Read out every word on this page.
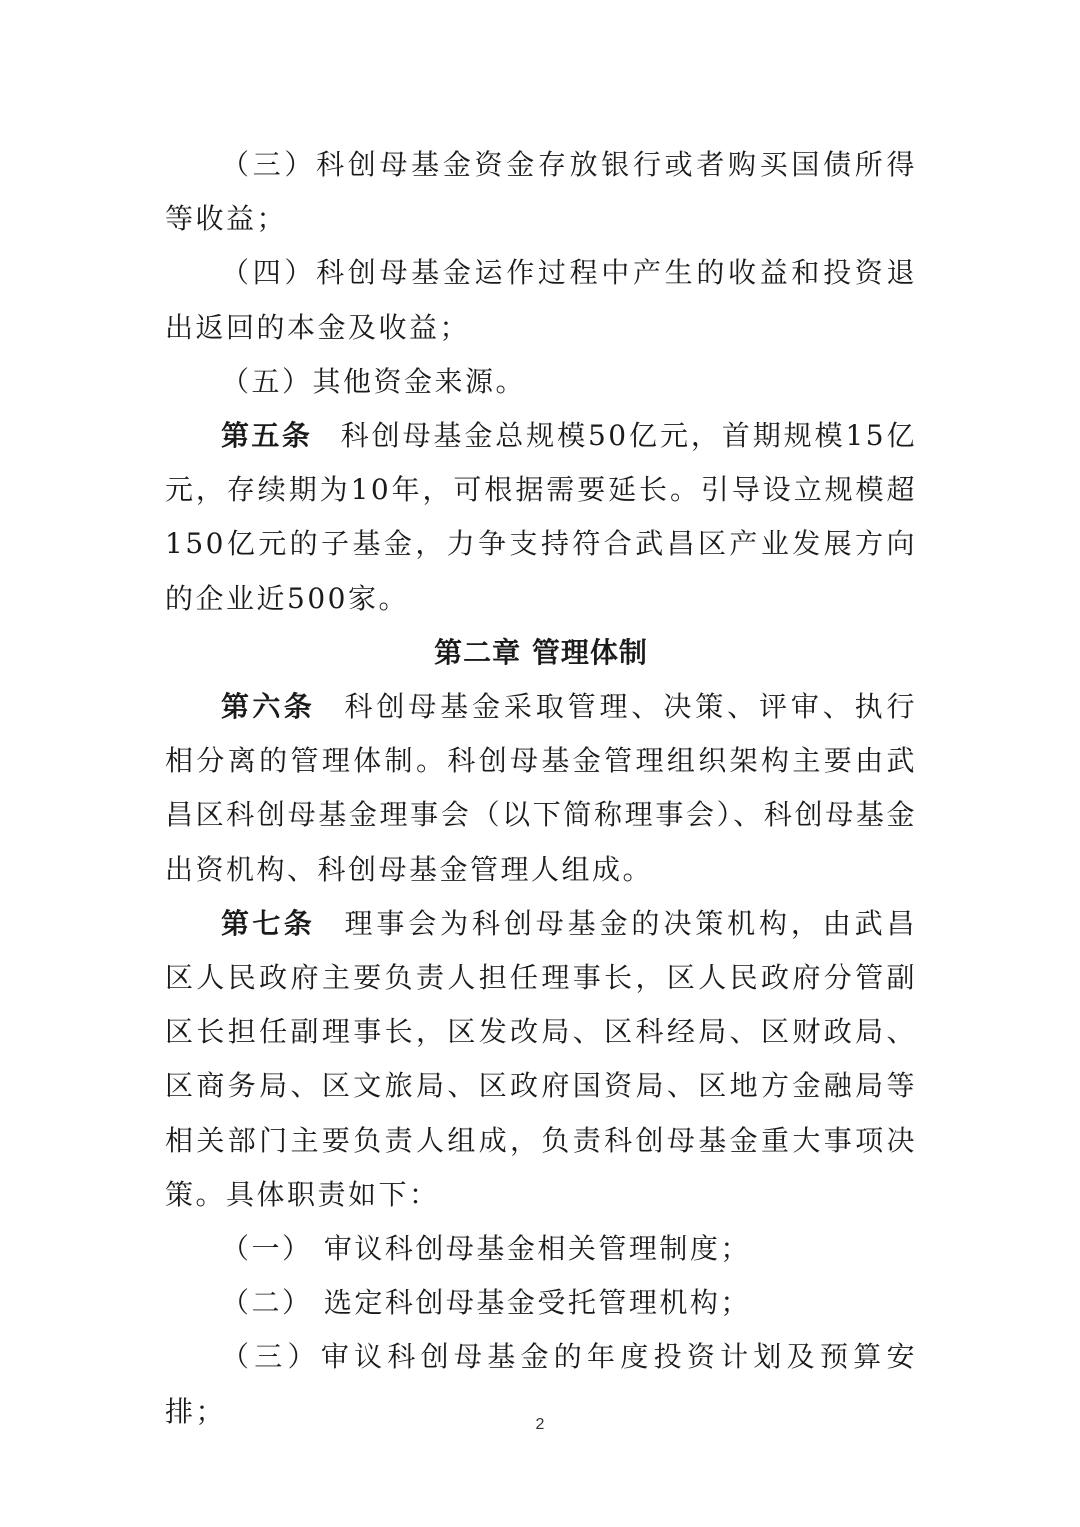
（三）科创母基金资金存放银行或者购买国债所得等收益；

（四）科创母基金运作过程中产生的收益和投资退出返回的本金及收益；

（五）其他资金来源。

第五条 科创母基金总规模50亿元，首期规模15亿元，存续期为10年，可根据需要延长。引导设立规模超150亿元的子基金，力争支持符合武昌区产业发展方向的企业近500家。

第二章 管理体制

第六条 科创母基金采取管理、决策、评审、执行相分离的管理体制。科创母基金管理组织架构主要由武昌区科创母基金理事会（以下简称理事会）、科创母基金出资机构、科创母基金管理人组成。

第七条 理事会为科创母基金的决策机构，由武昌区人民政府主要负责人担任理事长，区人民政府分管副区长担任副理事长，区发改局、区科经局、区财政局、区商务局、区文旅局、区政府国资局、区地方金融局等相关部门主要负责人组成，负责科创母基金重大事项决策。具体职责如下：

（一） 审议科创母基金相关管理制度；

（二） 选定科创母基金受托管理机构；

（三）审议科创母基金的年度投资计划及预算安排；	2
